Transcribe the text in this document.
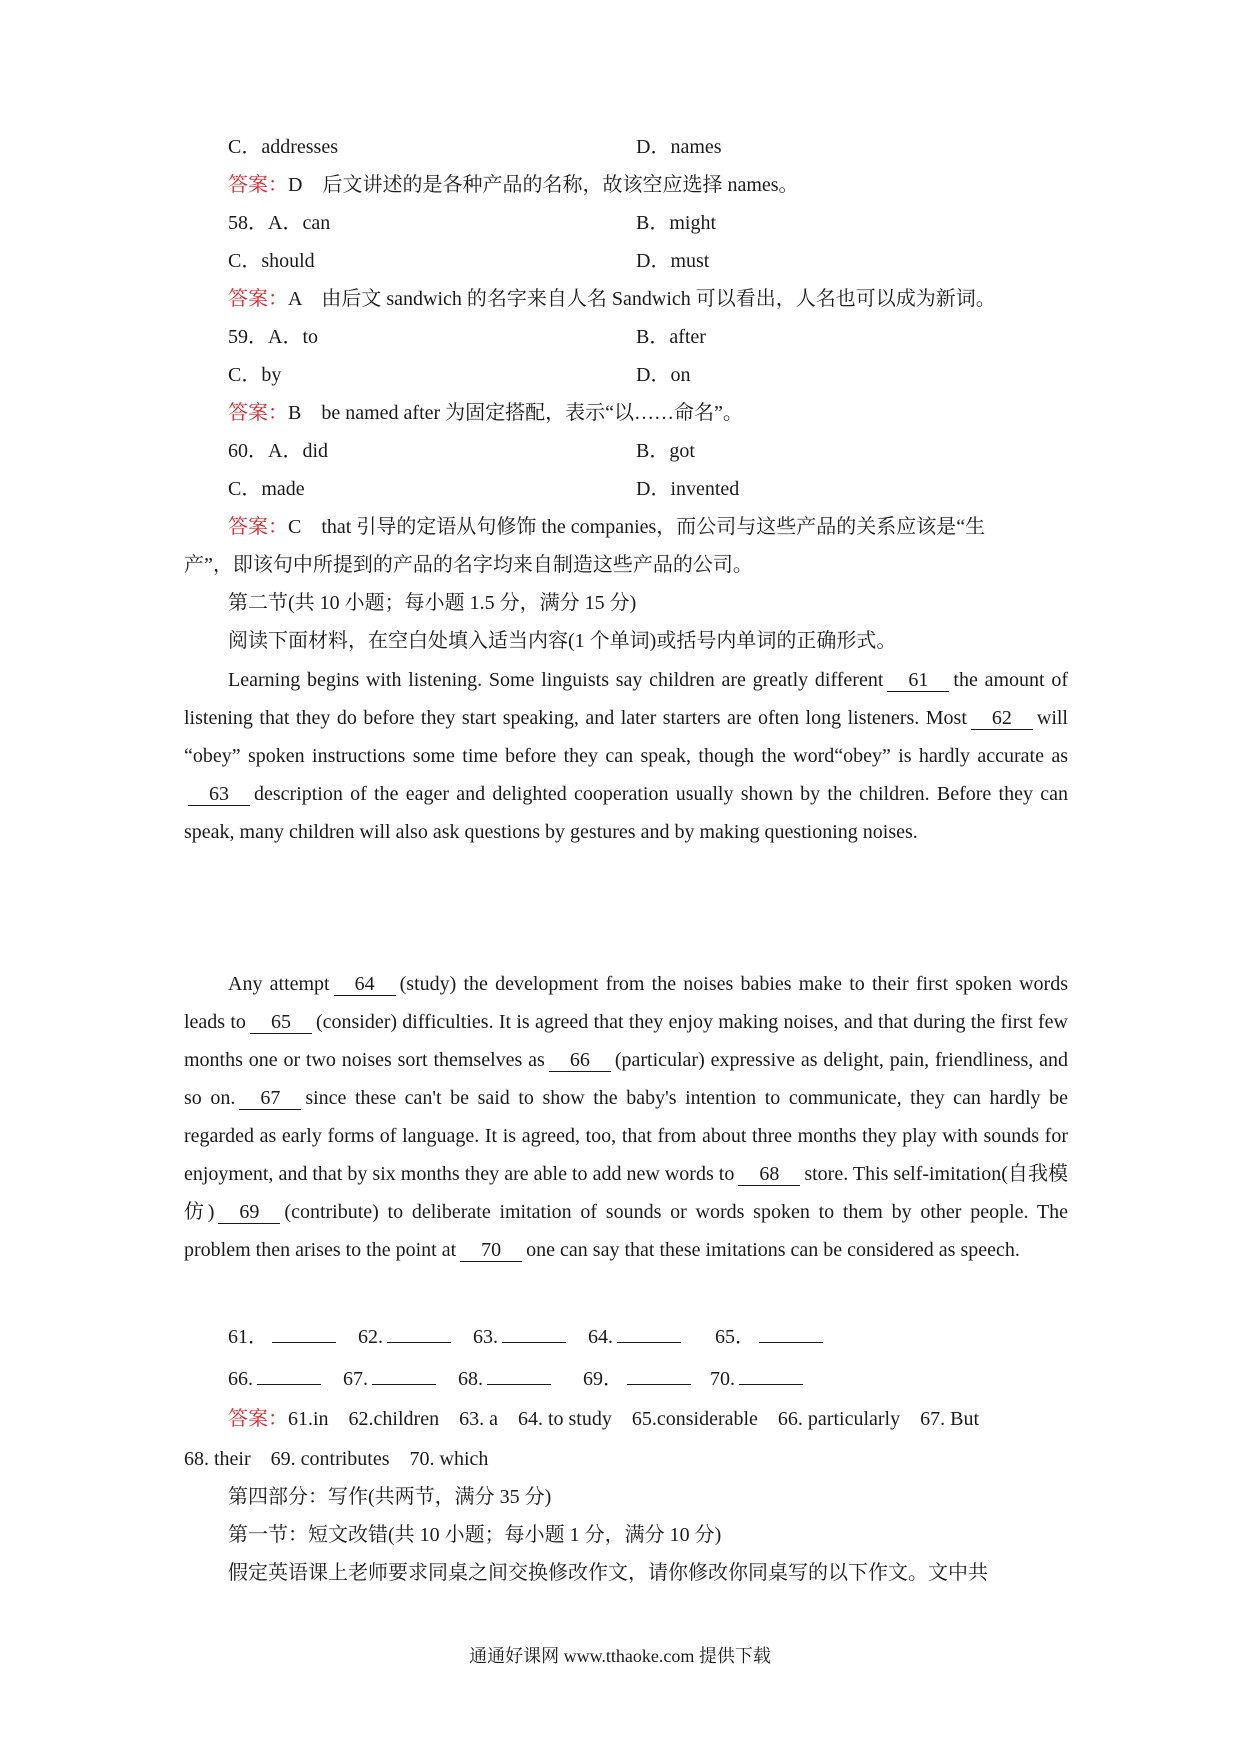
C．addresses	D．names
答案：D　后文讲述的是各种产品的名称，故该空应选择 names。
58．A．can	B．might
C．should	D．must
答案：A　由后文 sandwich 的名字来自人名 Sandwich 可以看出，人名也可以成为新词。
59．A．to	B．after
C．by	D．on
答案：B　be named after 为固定搭配，表示“以……命名”。
60．A．did	B．got
C．made	D．invented
答案：C　that 引导的定语从句修饰 the companies，而公司与这些产品的关系应该是“生
产”，即该句中所提到的产品的名字均来自制造这些产品的公司。
第二节(共 10 小题；每小题 1.5 分，满分 15 分)
阅读下面材料，在空白处填入适当内容(1 个单词)或括号内单词的正确形式。

Learning begins with listening. Some linguists say children are greatly different 61 the amount of listening that they do before they start speaking, and later starters are often long listeners. Most 62 will “obey” spoken instructions some time before they can speak, though the word“obey” is hardly accurate as63 description of the eager and delighted cooperation usually shown by the children. Before they can speak, many children will also ask questions by gestures and by making questioning noises.

Any attempt 64 (study) the development from the noises babies make to their first spoken words leads to 65 (consider) difficulties. It is agreed that they enjoy making noises, and that during the first few months one or two noises sort themselves as 66 (particular) expressive as delight, pain, friendliness, and so on. 67 since these can't be said to show the baby's intention to communicate, they can hardly be regarded as early forms of language. It is agreed, too, that from about three months they play with sounds for enjoyment, and that by six months they are able to add new words to 68 store. This self-imitation(自我模仿) 69 (contribute) to deliberate imitation of sounds or words spoken to them by other people. The problem then arises to the point at 70 one can say that these imitations can be considered as speech.

61．	62.	63.	64.	65．
66.	67.	68.	69．	70.
答案：61.in　62.children　63. a　64. to study　65.considerable　66. particularly　67. But
68. their　69. contributes　70. which
第四部分：写作(共两节，满分 35 分)
第一节：短文改错(共 10 小题；每小题 1 分，满分 10 分)
假定英语课上老师要求同桌之间交换修改作文，请你修改你同桌写的以下作文。文中共
通通好课网 www.tthaoke.com 提供下载
